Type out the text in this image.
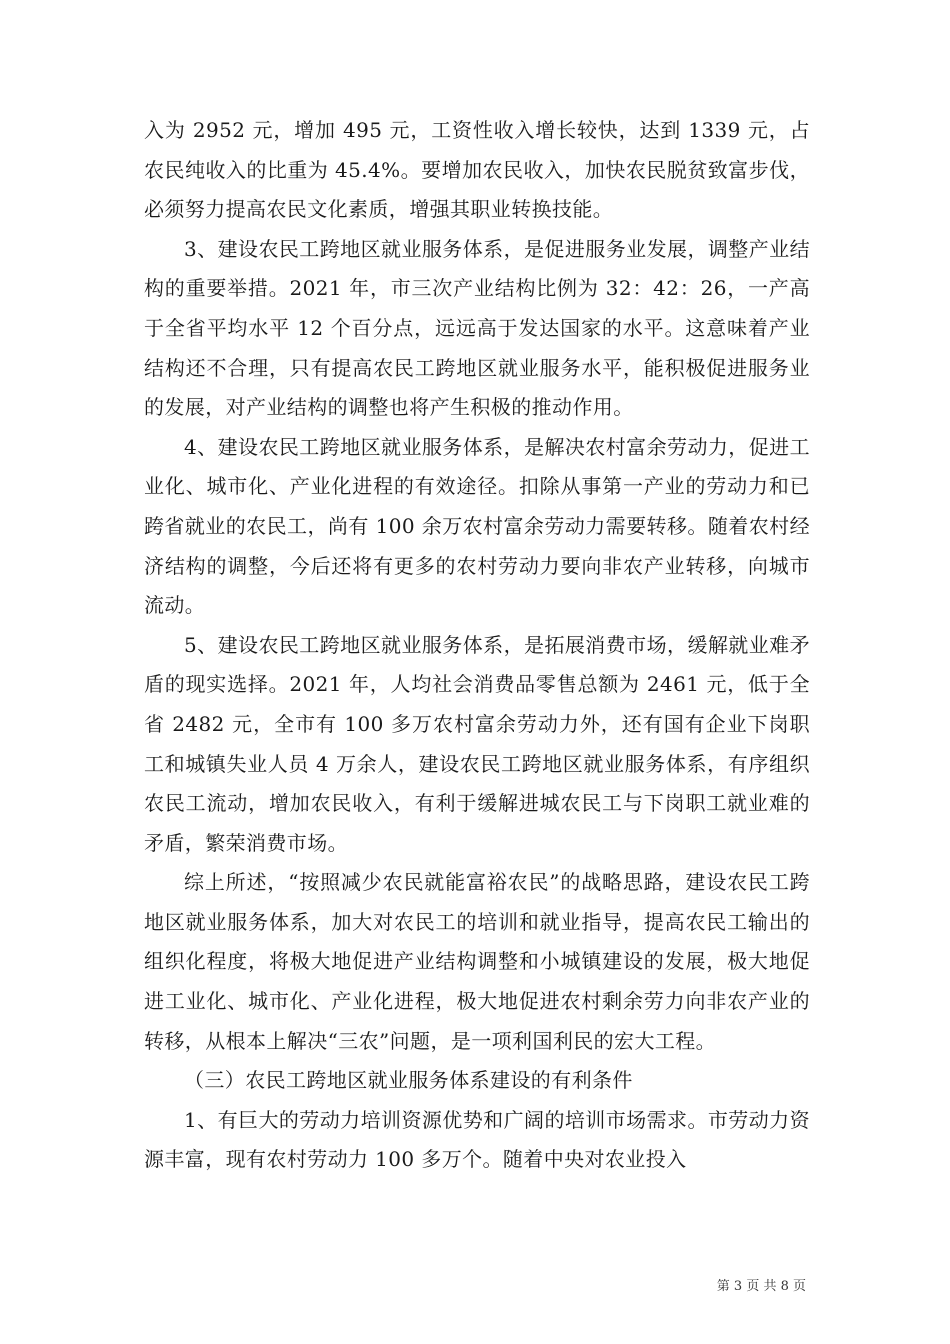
入为 2952 元，增加 495 元，工资性收入增长较快，达到 1339 元，占农民纯收入的比重为 45.4%。要增加农民收入，加快农民脱贫致富步伐，必须努力提高农民文化素质，增强其职业转换技能。

3、建设农民工跨地区就业服务体系，是促进服务业发展，调整产业结构的重要举措。2021 年，市三次产业结构比例为 32：42：26，一产高于全省平均水平 12 个百分点，远远高于发达国家的水平。这意味着产业结构还不合理，只有提高农民工跨地区就业服务水平，能积极促进服务业的发展，对产业结构的调整也将产生积极的推动作用。

4、建设农民工跨地区就业服务体系，是解决农村富余劳动力，促进工业化、城市化、产业化进程的有效途径。扣除从事第一产业的劳动力和已跨省就业的农民工，尚有 100 余万农村富余劳动力需要转移。随着农村经济结构的调整，今后还将有更多的农村劳动力要向非农产业转移，向城市流动。

5、建设农民工跨地区就业服务体系，是拓展消费市场，缓解就业难矛盾的现实选择。2021 年，人均社会消费品零售总额为 2461 元，低于全省 2482 元，全市有 100 多万农村富余劳动力外，还有国有企业下岗职工和城镇失业人员 4 万余人，建设农民工跨地区就业服务体系，有序组织农民工流动，增加农民收入，有利于缓解进城农民工与下岗职工就业难的矛盾，繁荣消费市场。

综上所述，“按照减少农民就能富裕农民”的战略思路，建设农民工跨地区就业服务体系，加大对农民工的培训和就业指导，提高农民工输出的组织化程度，将极大地促进产业结构调整和小城镇建设的发展，极大地促进工业化、城市化、产业化进程，极大地促进农村剩余劳力向非农产业的转移，从根本上解决“三农”问题，是一项利国利民的宏大工程。

（三）农民工跨地区就业服务体系建设的有利条件

1、有巨大的劳动力培训资源优势和广阔的培训市场需求。市劳动力资源丰富，现有农村劳动力 100 多万个。随着中央对农业投入

第 3 页 共 8 页
